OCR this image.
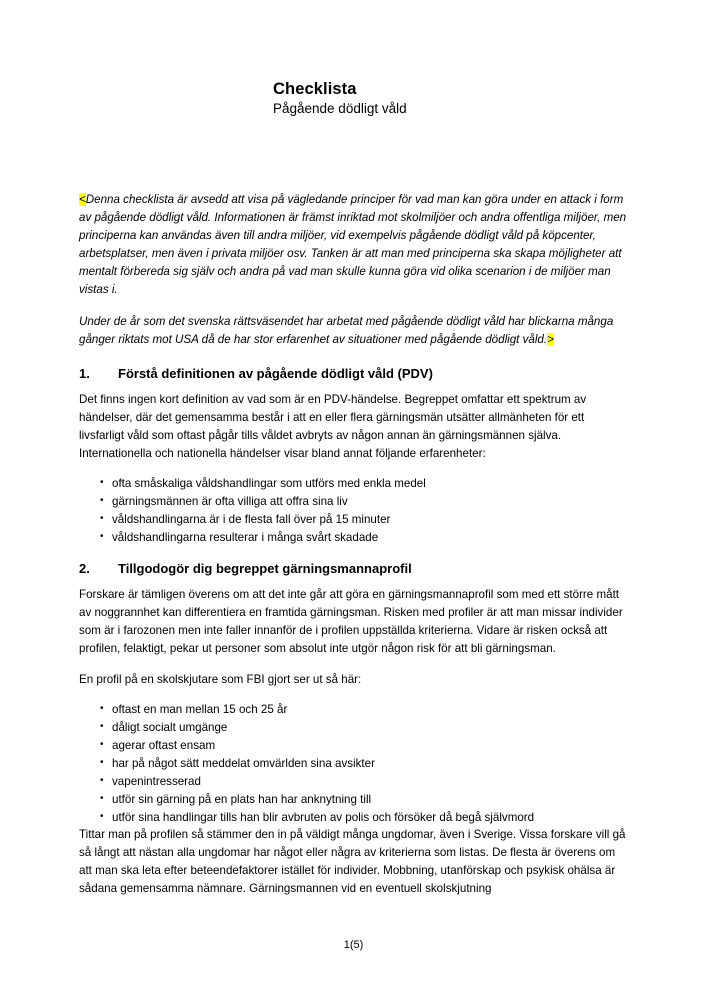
Checklista
Pågående dödligt våld

<Denna checklista är avsedd att visa på vägledande principer för vad man kan göra under en attack i form av pågående dödligt våld. Informationen är främst inriktad mot skolmiljöer och andra offentliga miljöer, men principerna kan användas även till andra miljöer, vid exempelvis pågående dödligt våld på köpcenter, arbetsplatser, men även i privata miljöer osv. Tanken är att man med principerna ska skapa möjligheter att mentalt förbereda sig själv och andra på vad man skulle kunna göra vid olika scenarion i de miljöer man vistas i.

Under de år som det svenska rättsväsendet har arbetat med pågående dödligt våld har blickarna många gånger riktats mot USA då de har stor erfarenhet av situationer med pågående dödligt våld.>

1. Förstå definitionen av pågående dödligt våld (PDV)

Det finns ingen kort definition av vad som är en PDV-händelse. Begreppet omfattar ett spektrum av händelser, där det gemensamma består i att en eller flera gärningsmän utsätter allmänheten för ett livsfarligt våld som oftast pågår tills våldet avbryts av någon annan än gärningsmännen själva. Internationella och nationella händelser visar bland annat följande erfarenheter:

• ofta småskaliga våldshandlingar som utförs med enkla medel
• gärningsmännen är ofta villiga att offra sina liv
• våldshandlingarna är i de flesta fall över på 15 minuter
• våldshandlingarna resulterar i många svårt skadade
2. Tillgodogör dig begreppet gärningsmannaprofil

Forskare är tämligen överens om att det inte går att göra en gärningsmannaprofil som med ett större mått av noggrannhet kan differentiera en framtida gärningsman. Risken med profiler är att man missar individer som är i farozonen men inte faller innanför de i profilen uppställda kriterierna. Vidare är risken också att profilen, felaktigt, pekar ut personer som absolut inte utgör någon risk för att bli gärningsman.

En profil på en skolskjutare som FBI gjort ser ut så här:

• oftast en man mellan 15 och 25 år
• dåligt socialt umgänge
• agerar oftast ensam
• har på något sätt meddelat omvärlden sina avsikter
• vapenintresserad
• utför sin gärning på en plats han har anknytning till
• utför sina handlingar tills han blir avbruten av polis och försöker då begå självmord

Tittar man på profilen så stämmer den in på väldigt många ungdomar, även i Sverige. Vissa forskare vill gå så långt att nästan alla ungdomar har något eller några av kriterierna som listas. De flesta är överens om att man ska leta efter beteendefaktorer istället för individer. Mobbning, utanförskap och psykisk ohälsa är sådana gemensamma nämnare. Gärningsmannen vid en eventuell skolskjutning

1(5)
